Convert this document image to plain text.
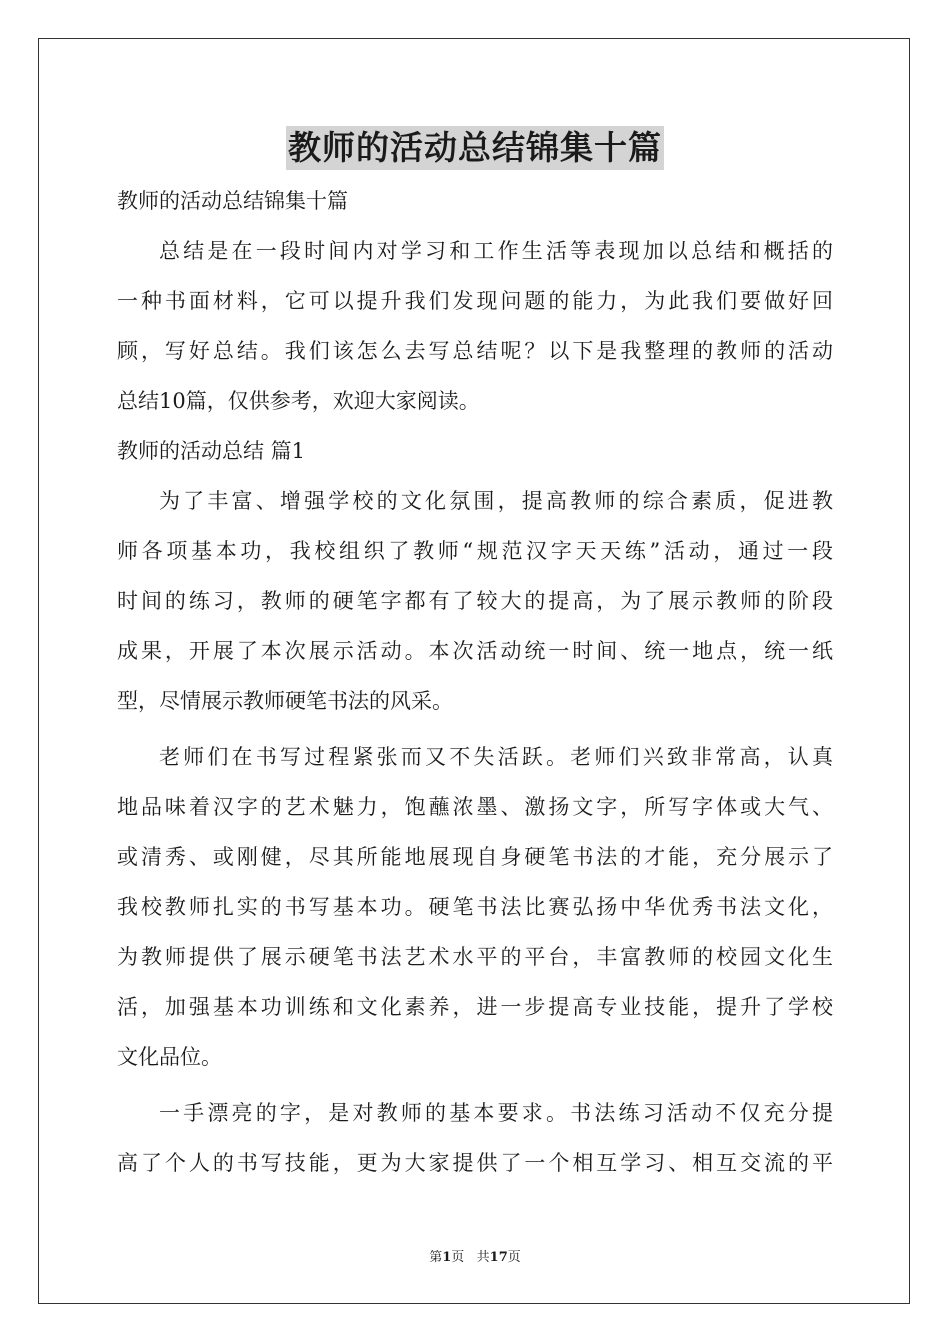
教师的活动总结锦集十篇
教师的活动总结锦集十篇
总结是在一段时间内对学习和工作生活等表现加以总结和概括的
一种书面材料，它可以提升我们发现问题的能力，为此我们要做好回
顾，写好总结。我们该怎么去写总结呢？以下是我整理的教师的活动
总结10篇，仅供参考，欢迎大家阅读。
教师的活动总结 篇1
为了丰富、增强学校的文化氛围，提高教师的综合素质，促进教
师各项基本功，我校组织了教师“规范汉字天天练”活动，通过一段
时间的练习，教师的硬笔字都有了较大的提高，为了展示教师的阶段
成果，开展了本次展示活动。本次活动统一时间、统一地点，统一纸
型，尽情展示教师硬笔书法的风采。
老师们在书写过程紧张而又不失活跃。老师们兴致非常高，认真
地品味着汉字的艺术魅力，饱蘸浓墨、激扬文字，所写字体或大气、
或清秀、或刚健，尽其所能地展现自身硬笔书法的才能，充分展示了
我校教师扎实的书写基本功。硬笔书法比赛弘扬中华优秀书法文化，
为教师提供了展示硬笔书法艺术水平的平台，丰富教师的校园文化生
活，加强基本功训练和文化素养，进一步提高专业技能，提升了学校
文化品位。
一手漂亮的字，是对教师的基本要求。书法练习活动不仅充分提
高了个人的书写技能，更为大家提供了一个相互学习、相互交流的平
第1页   共17页
